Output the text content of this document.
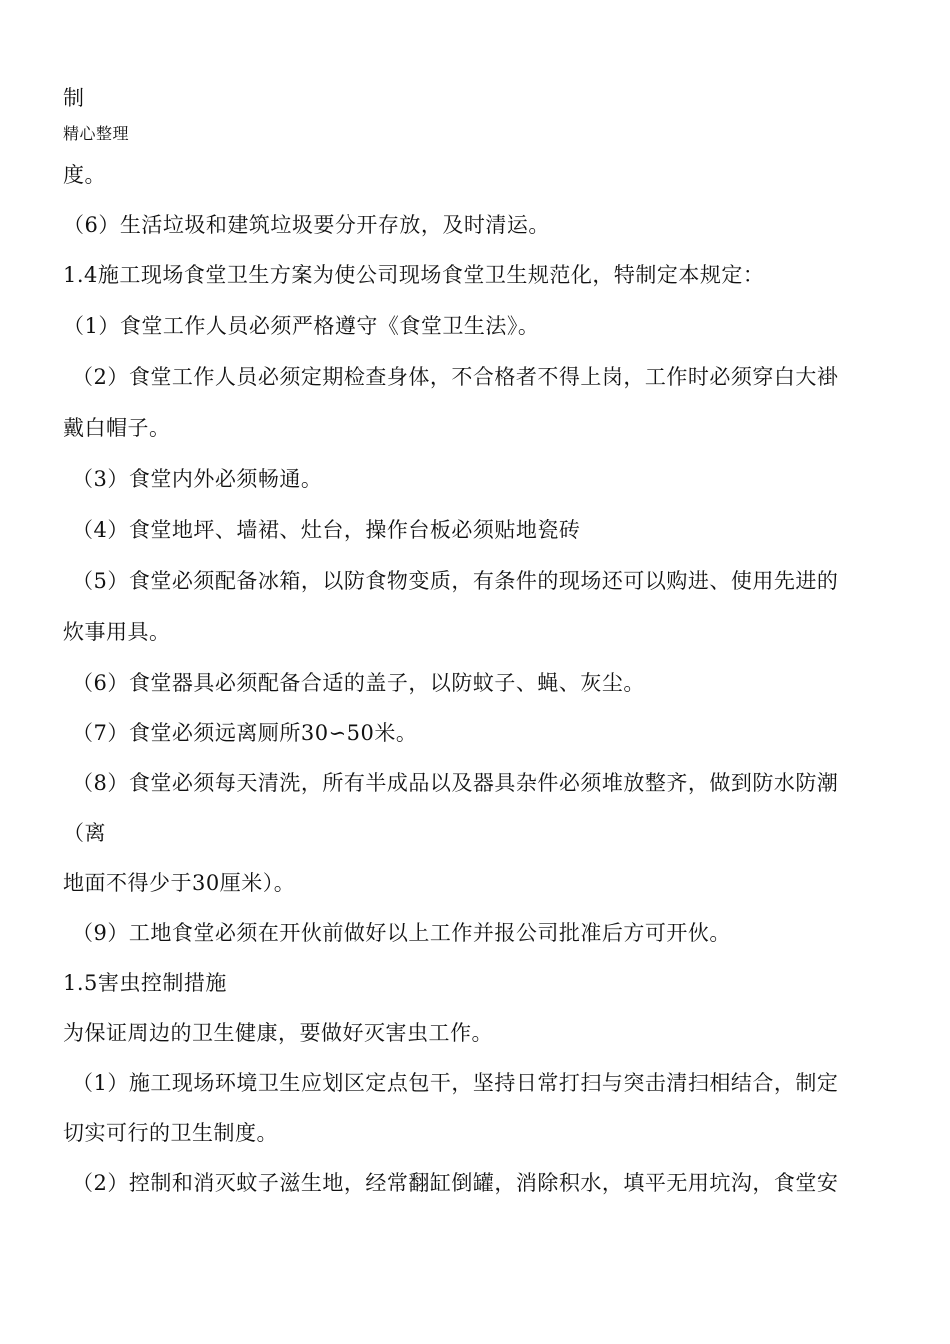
制
精心整理
度。
（6）生活垃圾和建筑垃圾要分开存放，及时清运。
1.4施工现场食堂卫生方案为使公司现场食堂卫生规范化，特制定本规定：
（1）食堂工作人员必须严格遵守《食堂卫生法》。
（2）食堂工作人员必须定期检查身体，不合格者不得上岗，工作时必须穿白大褂
戴白帽子。
（3）食堂内外必须畅通。
（4）食堂地坪、墙裙、灶台，操作台板必须贴地瓷砖
（5）食堂必须配备冰箱，以防食物变质，有条件的现场还可以购进、使用先进的
炊事用具。
（6）食堂器具必须配备合适的盖子，以防蚊子、蝇、灰尘。
（7）食堂必须远离厕所30∽50米。
（8）食堂必须每天清洗，所有半成品以及器具杂件必须堆放整齐，做到防水防潮
（离
地面不得少于30厘米）。
（9）工地食堂必须在开伙前做好以上工作并报公司批准后方可开伙。
1.5害虫控制措施
为保证周边的卫生健康，要做好灭害虫工作。
（1）施工现场环境卫生应划区定点包干，坚持日常打扫与突击清扫相结合，制定
切实可行的卫生制度。
（2）控制和消灭蚊子滋生地，经常翻缸倒罐，消除积水，填平无用坑沟，食堂安
